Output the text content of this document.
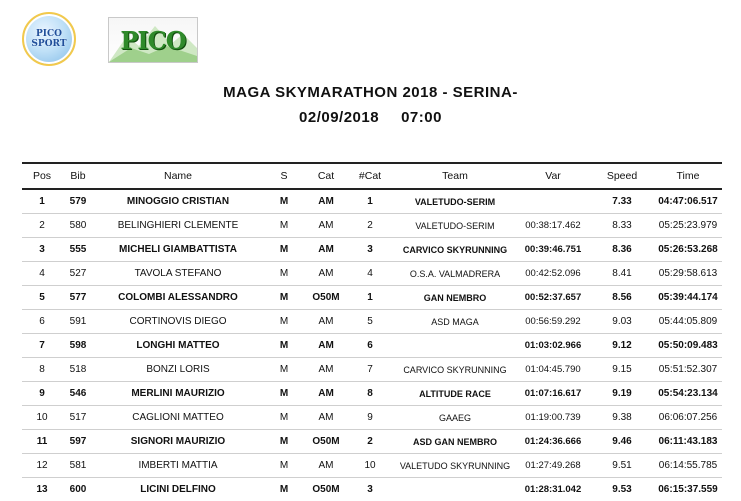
PICO
SPORT PICO
MAGA SKYMARATHON 2018 - SERINA-
02/09/2018 07:00
Pos	Bib	Name	S	Cat	#Cat	Team	Var	Speed	Time
1	579	MINOGGIO CRISTIAN	M	AM	1	VALETUDO-SERIM		7.33	04:47:06.517
2	580	BELINGHIERI CLEMENTE	M	AM	2	VALETUDO-SERIM	00:38:17.462	8.33	05:25:23.979
3	555	MICHELI GIAMBATTISTA	M	AM	3	CARVICO SKYRUNNING	00:39:46.751	8.36	05:26:53.268
4	527	TAVOLA STEFANO	M	AM	4	O.S.A. VALMADRERA	00:42:52.096	8.41	05:29:58.613
5	577	COLOMBI ALESSANDRO	M	O50M	1	GAN NEMBRO	00:52:37.657	8.56	05:39:44.174
6	591	CORTINOVIS DIEGO	M	AM	5	ASD MAGA	00:56:59.292	9.03	05:44:05.809
7	598	LONGHI MATTEO	M	AM	6		01:03:02.966	9.12	05:50:09.483
8	518	BONZI LORIS	M	AM	7	CARVICO SKYRUNNING	01:04:45.790	9.15	05:51:52.307
9	546	MERLINI MAURIZIO	M	AM	8	ALTITUDE RACE	01:07:16.617	9.19	05:54:23.134
10	517	CAGLIONI MATTEO	M	AM	9	GAAEG	01:19:00.739	9.38	06:06:07.256
11	597	SIGNORI MAURIZIO	M	O50M	2	ASD GAN NEMBRO	01:24:36.666	9.46	06:11:43.183
12	581	IMBERTI MATTIA	M	AM	10	VALETUDO SKYRUNNING	01:27:49.268	9.51	06:14:55.785
13	600	LICINI DELFINO	M	O50M	3		01:28:31.042	9.53	06:15:37.559
